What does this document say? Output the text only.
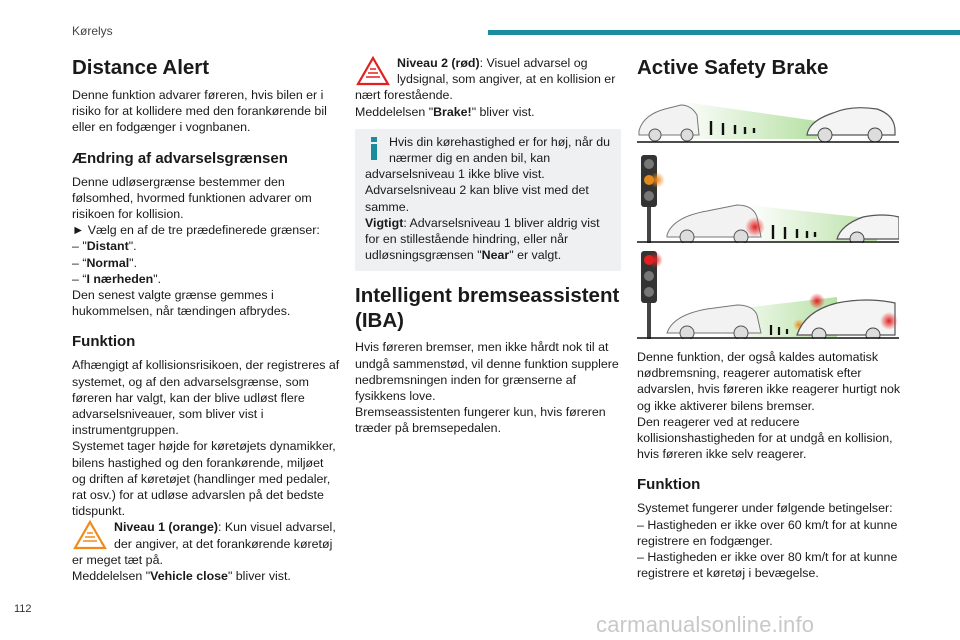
Kørelys
Distance Alert

Denne funktion advarer føreren, hvis bilen er i risiko for at kollidere med den forankørende bil eller en fodgænger i vognbanen.

Ændring af advarselsgrænsen

Denne udløsergrænse bestemmer den
følsomhed, hvormed funktionen advarer om
risikoen for kollision.
► Vælg en af de tre prædefinerede grænser:
– "Distant".
– “Normal".
– “I nærheden".
Den senest valgte grænse gemmes i hukommelsen, når tændingen afbrydes.

Funktion

Afhængigt af kollisionsrisikoen, der registreres af systemet, og af den advarselsgrænse, som føreren har valgt, kan der blive udløst flere advarselsniveauer, som bliver vist i instrumentgruppen.

Systemet tager højde for køretøjets dynamikker, bilens hastighed og den forankørende, miljøet og driften af køretøjet (handlinger med pedaler, rat osv.) for at udløse advarslen på det bedste tidspunkt.

Niveau 1 (orange): Kun visuel advarsel, der angiver, at det forankørende køretøj er meget tæt på.
Meddelelsen "Vehicle close" bliver vist.

Niveau 2 (rød): Visuel advarsel og lydsignal, som angiver, at en kollision er nært forestående.
Meddelelsen "Brake!" bliver vist.

Hvis din kørehastighed er for høj, når du nærmer dig en anden bil, kan advarselsniveau 1 ikke blive vist.
Advarselsniveau 2 kan blive vist med det samme.
Vigtigt: Advarselsniveau 1 bliver aldrig vist for en stillestående hindring, eller når udløsningsgrænsen "Near" er valgt.

Intelligent bremseassistent (IBA)

Hvis føreren bremser, men ikke hårdt nok til at undgå sammenstød, vil denne funktion supplere nedbremsningen inden for grænserne af fysikkens love.

Bremseassistenten fungerer kun, hvis føreren træder på bremsepedalen.

Active Safety Brake

Denne funktion, der også kaldes automatisk nødbremsning, reagerer automatisk efter advarslen, hvis føreren ikke reagerer hurtigt nok og ikke aktiverer bilens bremser.

Den reagerer ved at reducere kollisionshastigheden for at undgå en kollision, hvis føreren ikke selv reagerer.

Funktion

Systemet fungerer under følgende betingelser:

– Hastigheden er ikke over 60 km/t for at kunne registrere en fodgænger.

– Hastigheden er ikke over 80 km/t for at kunne registrere et køretøj i bevægelse.

112
carmanualsonline.info
